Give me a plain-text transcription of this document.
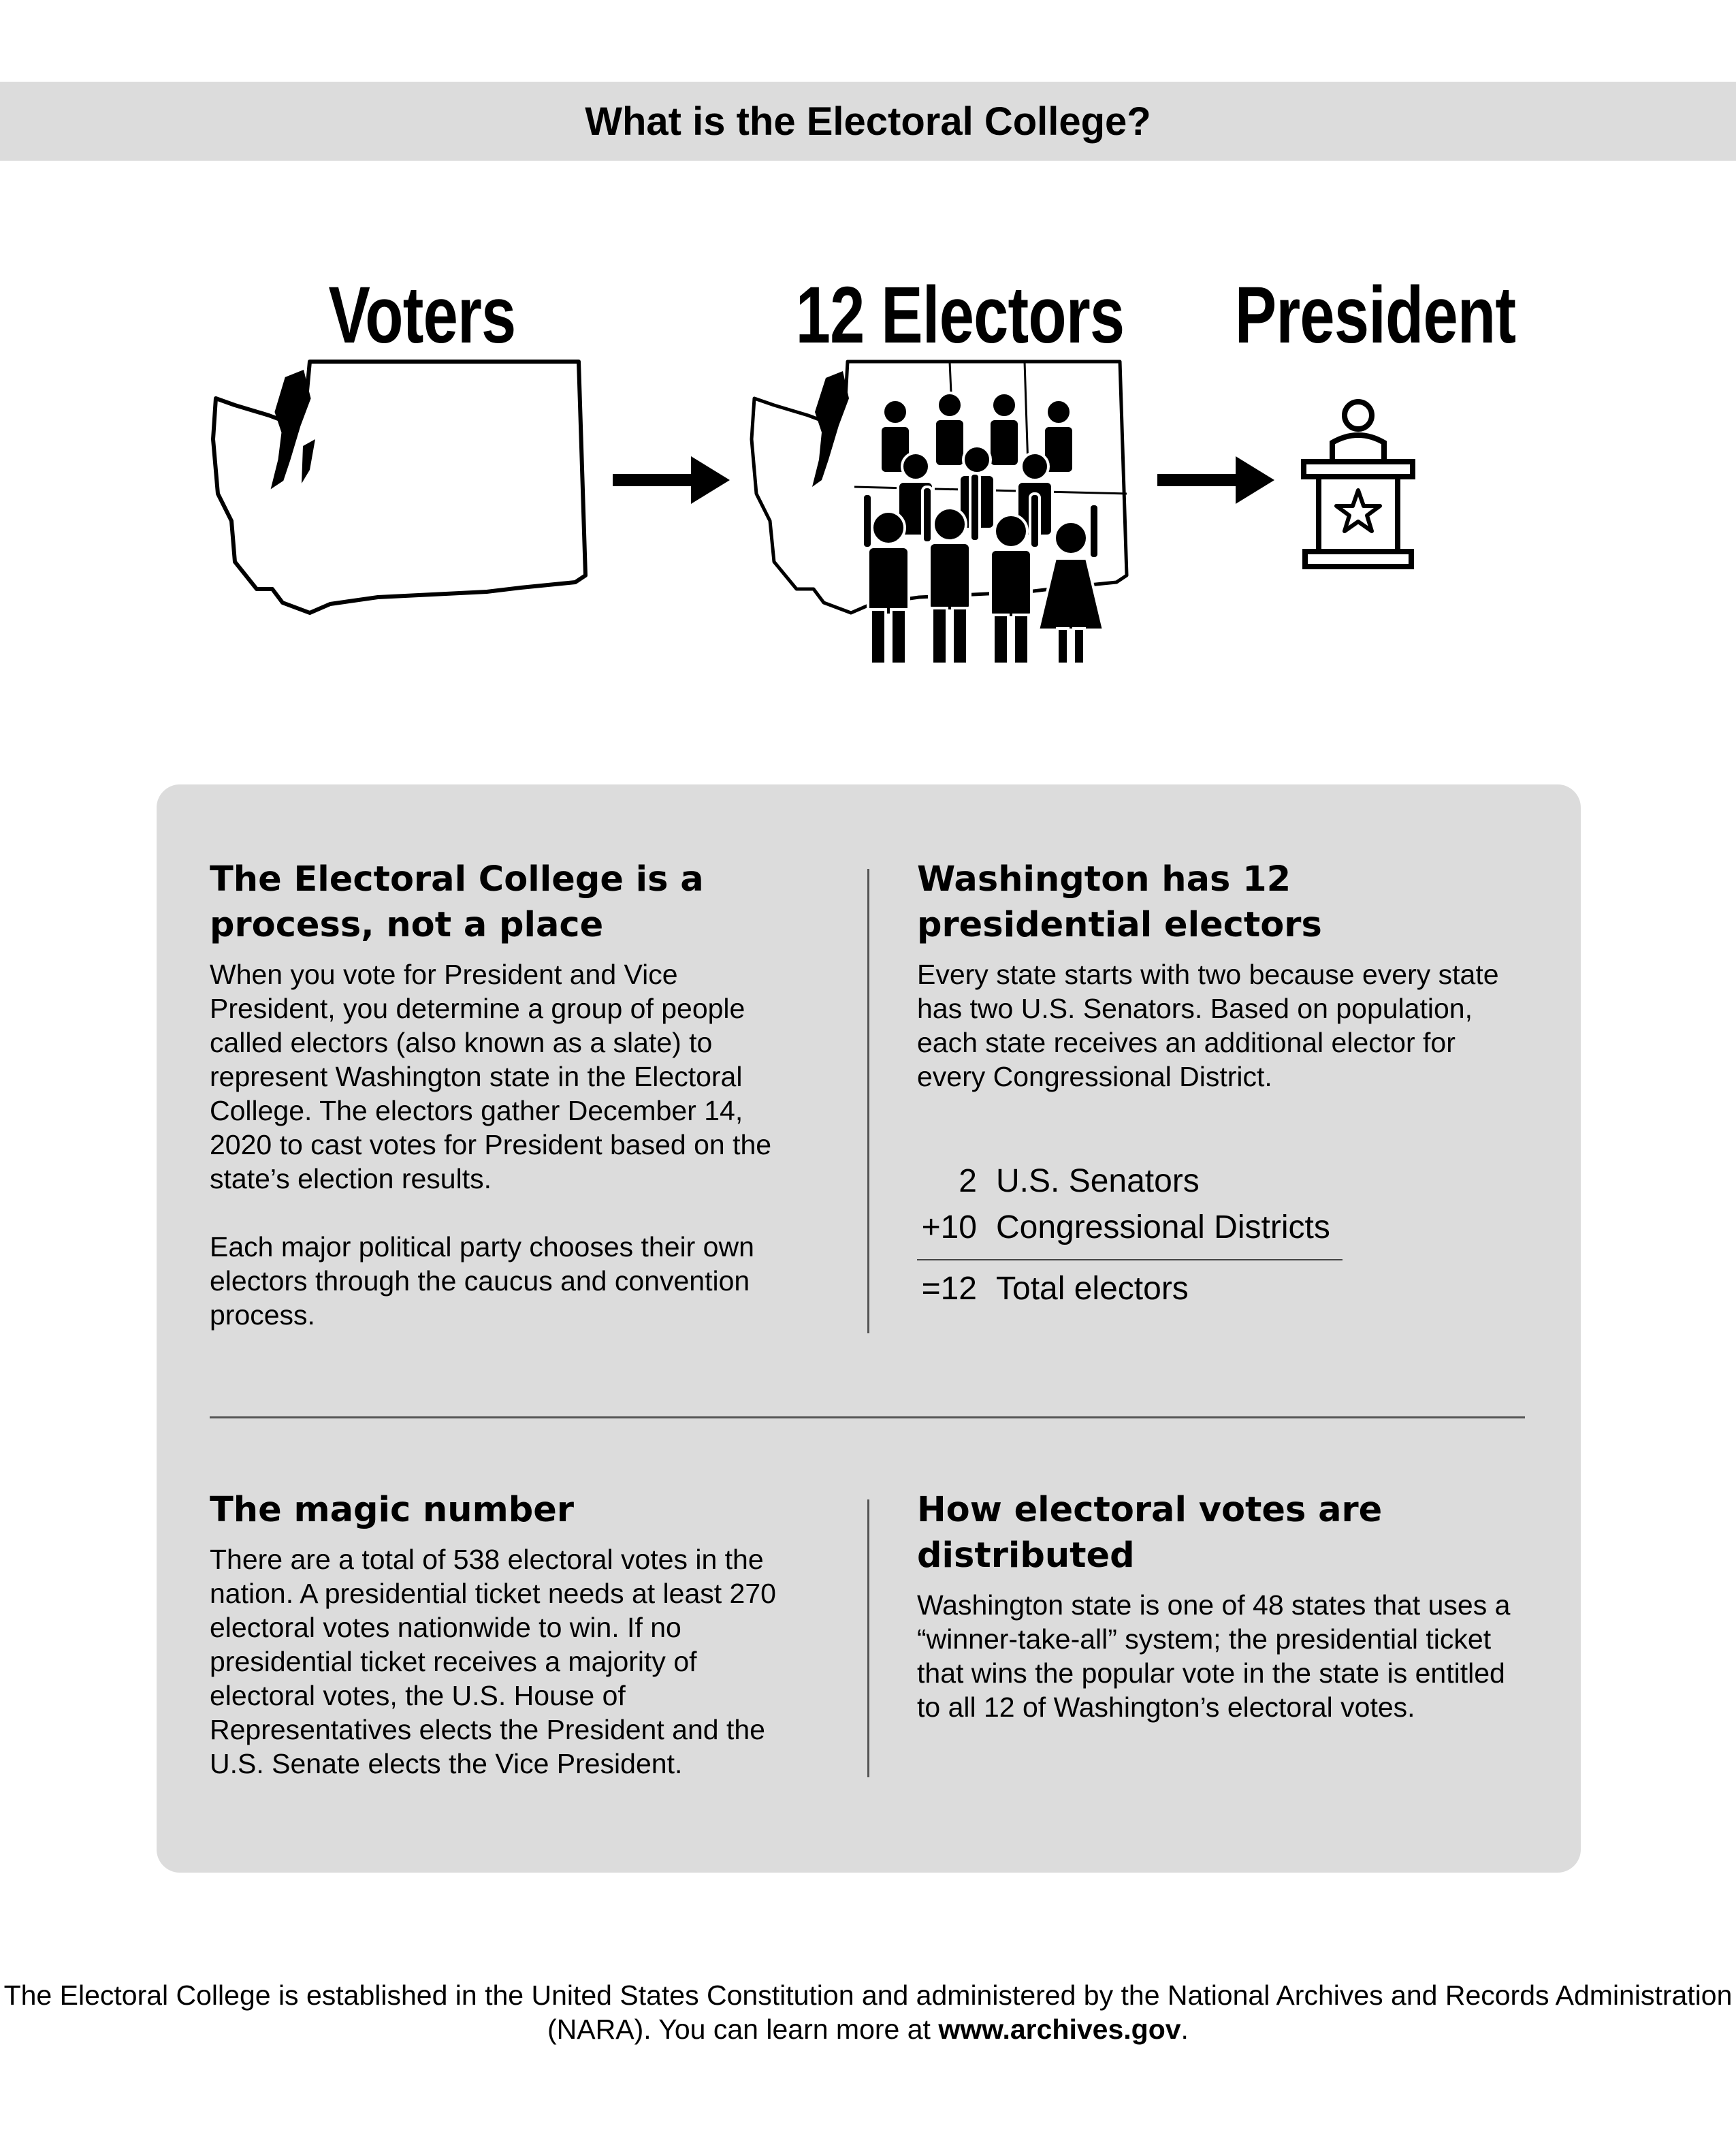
What is the Electoral College?
Voters	12 Electors	President
The Electoral College is a process, not a place

When you vote for President and Vice President, you determine a group of people called electors (also known as a slate) to represent Washington state in the Electoral College. The electors gather December 14, 2020 to cast votes for President based on the state’s election results.

Each major political party chooses their own electors through the caucus and convention process.

Washington has 12 presidential electors

Every state starts with two because every state has two U.S. Senators. Based on population, each state receives an additional elector for every Congressional District.

2 U.S. Senators
+10 Congressional Districts
=12 Total electors
The magic number

There are a total of 538 electoral votes in the nation. A presidential ticket needs at least 270 electoral votes nationwide to win. If no presidential ticket receives a majority of electoral votes, the U.S. House of Representatives elects the President and the U.S. Senate elects the Vice President.

How electoral votes are distributed

Washington state is one of 48 states that uses a “winner-take-all” system; the presidential ticket that wins the popular vote in the state is entitled to all 12 of Washington’s electoral votes.

The Electoral College is established in the United States Constitution and administered by the National Archives and Records Administration (NARA). You can learn more at www.archives.gov.
